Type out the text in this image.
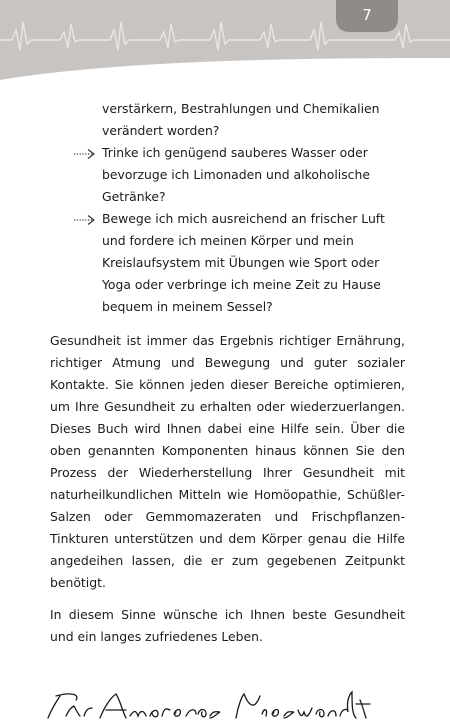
7
verstärkern, Bestrahlungen und Chemikalien
verändert worden?
Trinke ich genügend sauberes Wasser oder
bevorzuge ich Limonaden und alkoholische
Getränke?
Bewege ich mich ausreichend an frischer Luft
und fordere ich meinen Körper und mein
Kreislaufsystem mit Übungen wie Sport oder
Yoga oder verbringe ich meine Zeit zu Hause
bequem in meinem Sessel?

Gesundheit ist immer das Ergebnis richtiger Ernährung, richtiger Atmung und Bewegung und guter sozialer Kontakte. Sie können jeden dieser Bereiche optimieren, um Ihre Gesundheit zu erhalten oder wiederzuerlangen. Dieses Buch wird Ihnen dabei eine Hilfe sein. Über die oben genannten Komponenten hinaus können Sie den Prozess der Wiederherstellung Ihrer Gesundheit mit naturheilkundlichen Mitteln wie Homöopathie, Schüßler-Salzen oder Gemmomazeraten und Frischpflanzen-Tinkturen unterstützen und dem Körper genau die Hilfe angedeihen lassen, die er zum gegebenen Zeitpunkt benötigt.

In diesem Sinne wünsche ich Ihnen beste Gesundheit und ein langes zufriedenes Leben.
